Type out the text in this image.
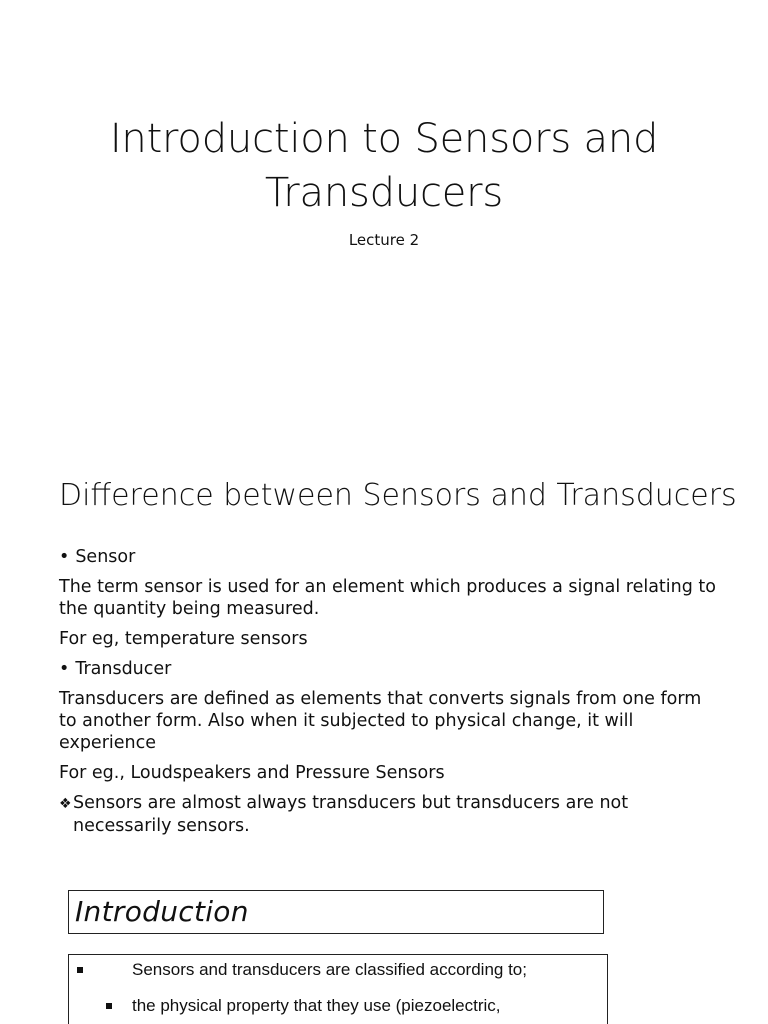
Introduction to Sensors and Transducers
Lecture 2
Difference between Sensors and Transducers

• Sensor

The term sensor is used for an element which produces a signal relating to the quantity being measured.

For eg, temperature sensors

• Transducer

Transducers are defined as elements that converts signals from one form to another form. Also when it subjected to physical change, it will experience

For eg., Loudspeakers and Pressure Sensors

❖Sensors are almost always transducers but transducers are not necessarily sensors.

Introduction
Sensors and transducers are classified according to;
the physical property that they use (piezoelectric,
